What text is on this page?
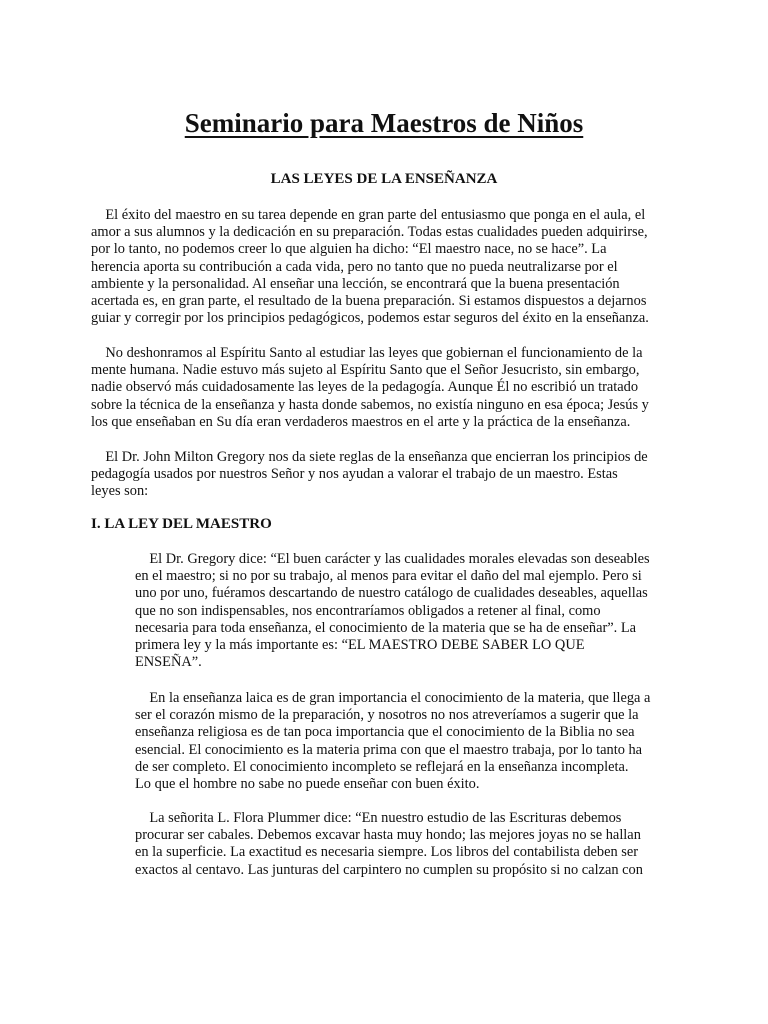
Seminario para Maestros de Niños
LAS LEYES DE LA ENSEÑANZA
El éxito del maestro en su tarea depende en gran parte del entusiasmo que ponga en el aula, el
amor a sus alumnos y la dedicación en su preparación. Todas estas cualidades pueden adquirirse,
por lo tanto, no podemos creer lo que alguien ha dicho: “El maestro nace, no se hace”. La
herencia aporta su contribución a cada vida, pero no tanto que no pueda neutralizarse por el
ambiente y la personalidad. Al enseñar una lección, se encontrará que la buena presentación
acertada es, en gran parte, el resultado de la buena preparación. Si estamos dispuestos a dejarnos
guiar y corregir por los principios pedagógicos, podemos estar seguros del éxito en la enseñanza.
No deshonramos al Espíritu Santo al estudiar las leyes que gobiernan el funcionamiento de la
mente humana. Nadie estuvo más sujeto al Espíritu Santo que el Señor Jesucristo, sin embargo,
nadie observó más cuidadosamente las leyes de la pedagogía. Aunque Él no escribió un tratado
sobre la técnica de la enseñanza y hasta donde sabemos, no existía ninguno en esa época; Jesús y
los que enseñaban en Su día eran verdaderos maestros en el arte y la práctica de la enseñanza.
El Dr. John Milton Gregory nos da siete reglas de la enseñanza que encierran los principios de
pedagogía usados por nuestros Señor y nos ayudan a valorar el trabajo de un maestro. Estas
leyes son:
I. LA LEY DEL MAESTRO
El Dr. Gregory dice: “El buen carácter y las cualidades morales elevadas son deseables
en el maestro; si no por su trabajo, al menos para evitar el daño del mal ejemplo. Pero si
uno por uno, fuéramos descartando de nuestro catálogo de cualidades deseables, aquellas
que no son indispensables, nos encontraríamos obligados a retener al final, como
necesaria para toda enseñanza, el conocimiento de la materia que se ha de enseñar”. La
primera ley y la más importante es: “EL MAESTRO DEBE SABER LO QUE
ENSEÑA”.
En la enseñanza laica es de gran importancia el conocimiento de la materia, que llega a
ser el corazón mismo de la preparación, y nosotros no nos atreveríamos a sugerir que la
enseñanza religiosa es de tan poca importancia que el conocimiento de la Biblia no sea
esencial. El conocimiento es la materia prima con que el maestro trabaja, por lo tanto ha
de ser completo. El conocimiento incompleto se reflejará en la enseñanza incompleta.
Lo que el hombre no sabe no puede enseñar con buen éxito.
La señorita L. Flora Plummer dice: “En nuestro estudio de las Escrituras debemos
procurar ser cabales. Debemos excavar hasta muy hondo; las mejores joyas no se hallan
en la superficie. La exactitud es necesaria siempre. Los libros del contabilista deben ser
exactos al centavo. Las junturas del carpintero no cumplen su propósito si no calzan con
